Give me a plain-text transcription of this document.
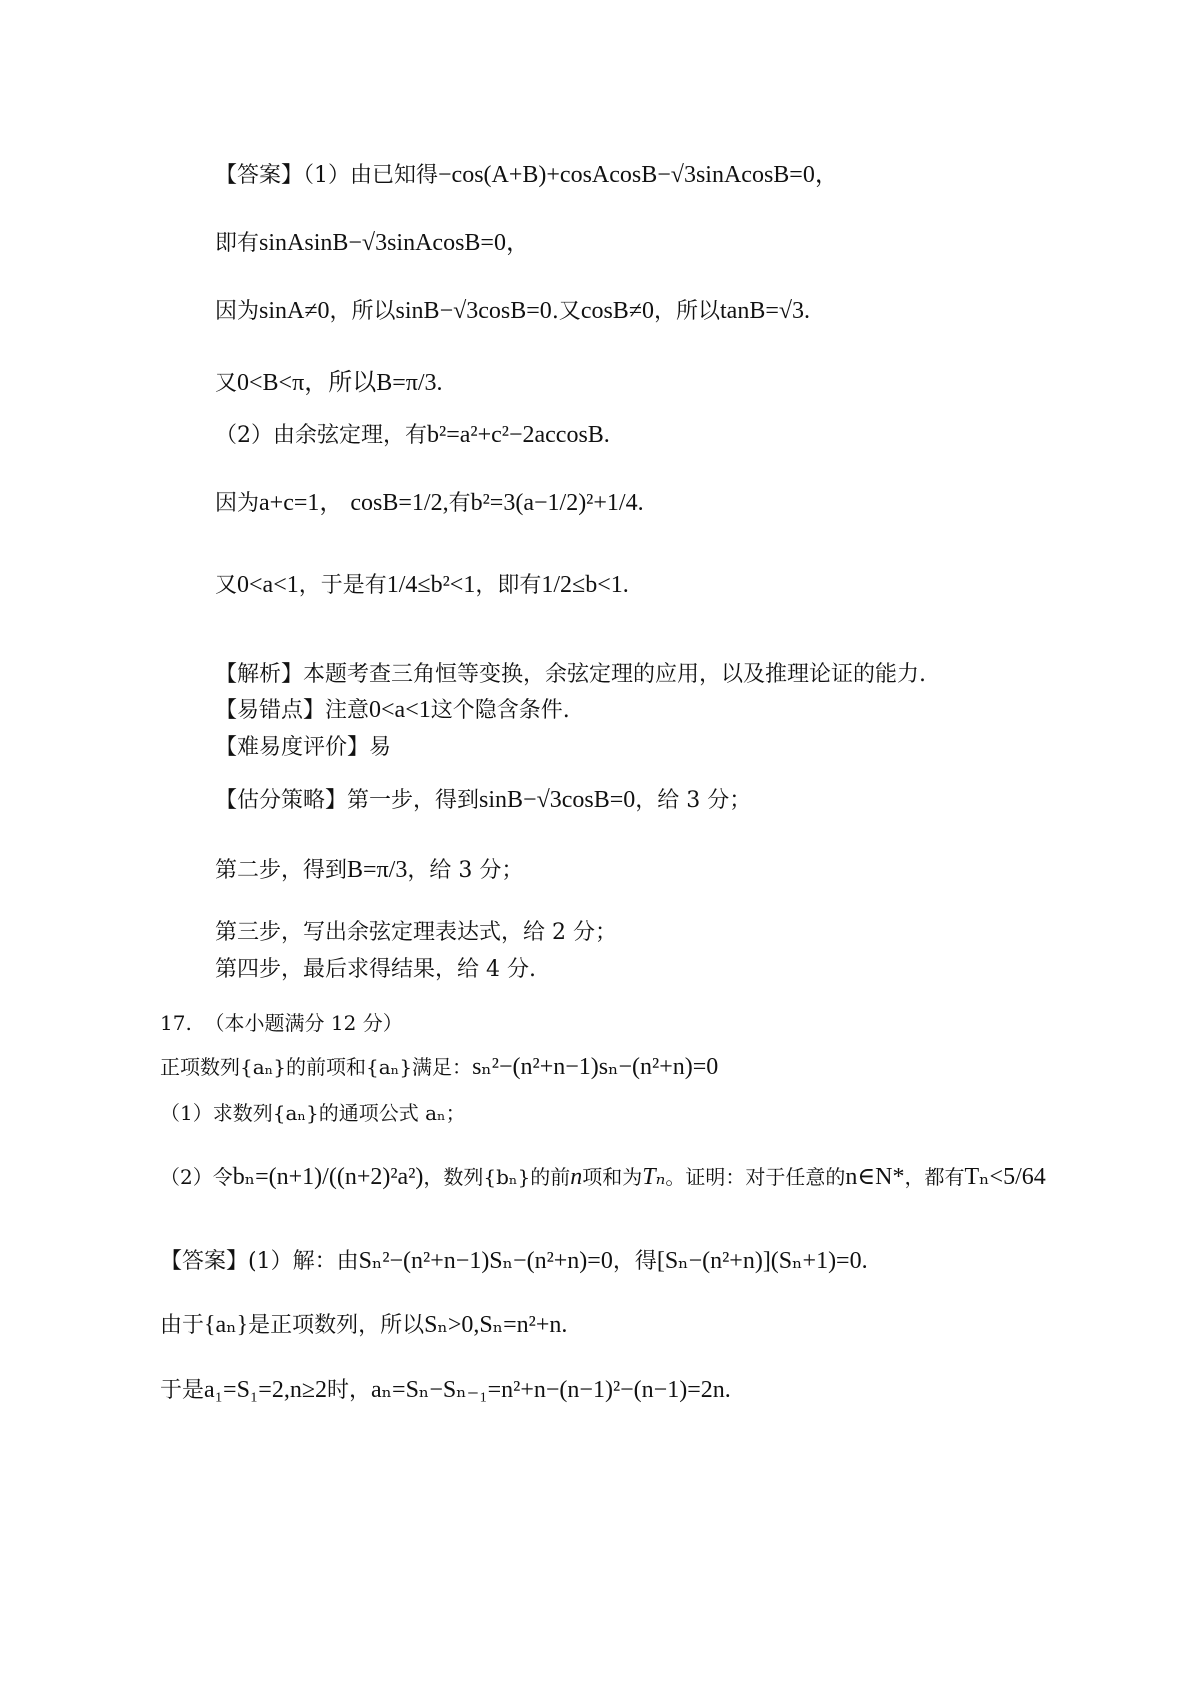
【答案】（1）由已知得−cos(A+B)+cosAcosB−√3sinAcosB=0，
即有sinAsinB−√3sinAcosB=0，
因为sinA≠0，所以sinB−√3cosB=0.又cosB≠0，所以tanB=√3.
又0<B<π，所以B=π/3.
（2）由余弦定理，有b²=a²+c²−2accosB.
因为a+c=1， cosB=1/2,有b²=3(a−1/2)²+1/4.
又0<a<1，于是有1/4≤b²<1，即有1/2≤b<1.
【解析】本题考查三角恒等变换，余弦定理的应用，以及推理论证的能力.
【易错点】注意0<a<1这个隐含条件.
【难易度评价】易
【估分策略】第一步，得到sinB−√3cosB=0，给 3 分；
第二步，得到B=π/3，给 3 分；
第三步，写出余弦定理表达式，给 2 分；
第四步，最后求得结果，给 4 分.
17. （本小题满分 12 分）
正项数列{aₙ}的前项和{aₙ}满足：sₙ²−(n²+n−1)sₙ−(n²+n)=0
（1）求数列{aₙ}的通项公式 aₙ；
（2）令bₙ=(n+1)/((n+2)²a²)，数列{bₙ}的前n项和为Tₙ。证明：对于任意的n∈N*，都有Tₙ<5/64
【答案】(1）解：由Sₙ²−(n²+n−1)Sₙ−(n²+n)=0，得[Sₙ−(n²+n)](Sₙ+1)=0.
由于{aₙ}是正项数列，所以Sₙ>0,Sₙ=n²+n.
于是a₁=S₁=2,n≥2时，aₙ=Sₙ−Sₙ₋₁=n²+n−(n−1)²−(n−1)=2n.
